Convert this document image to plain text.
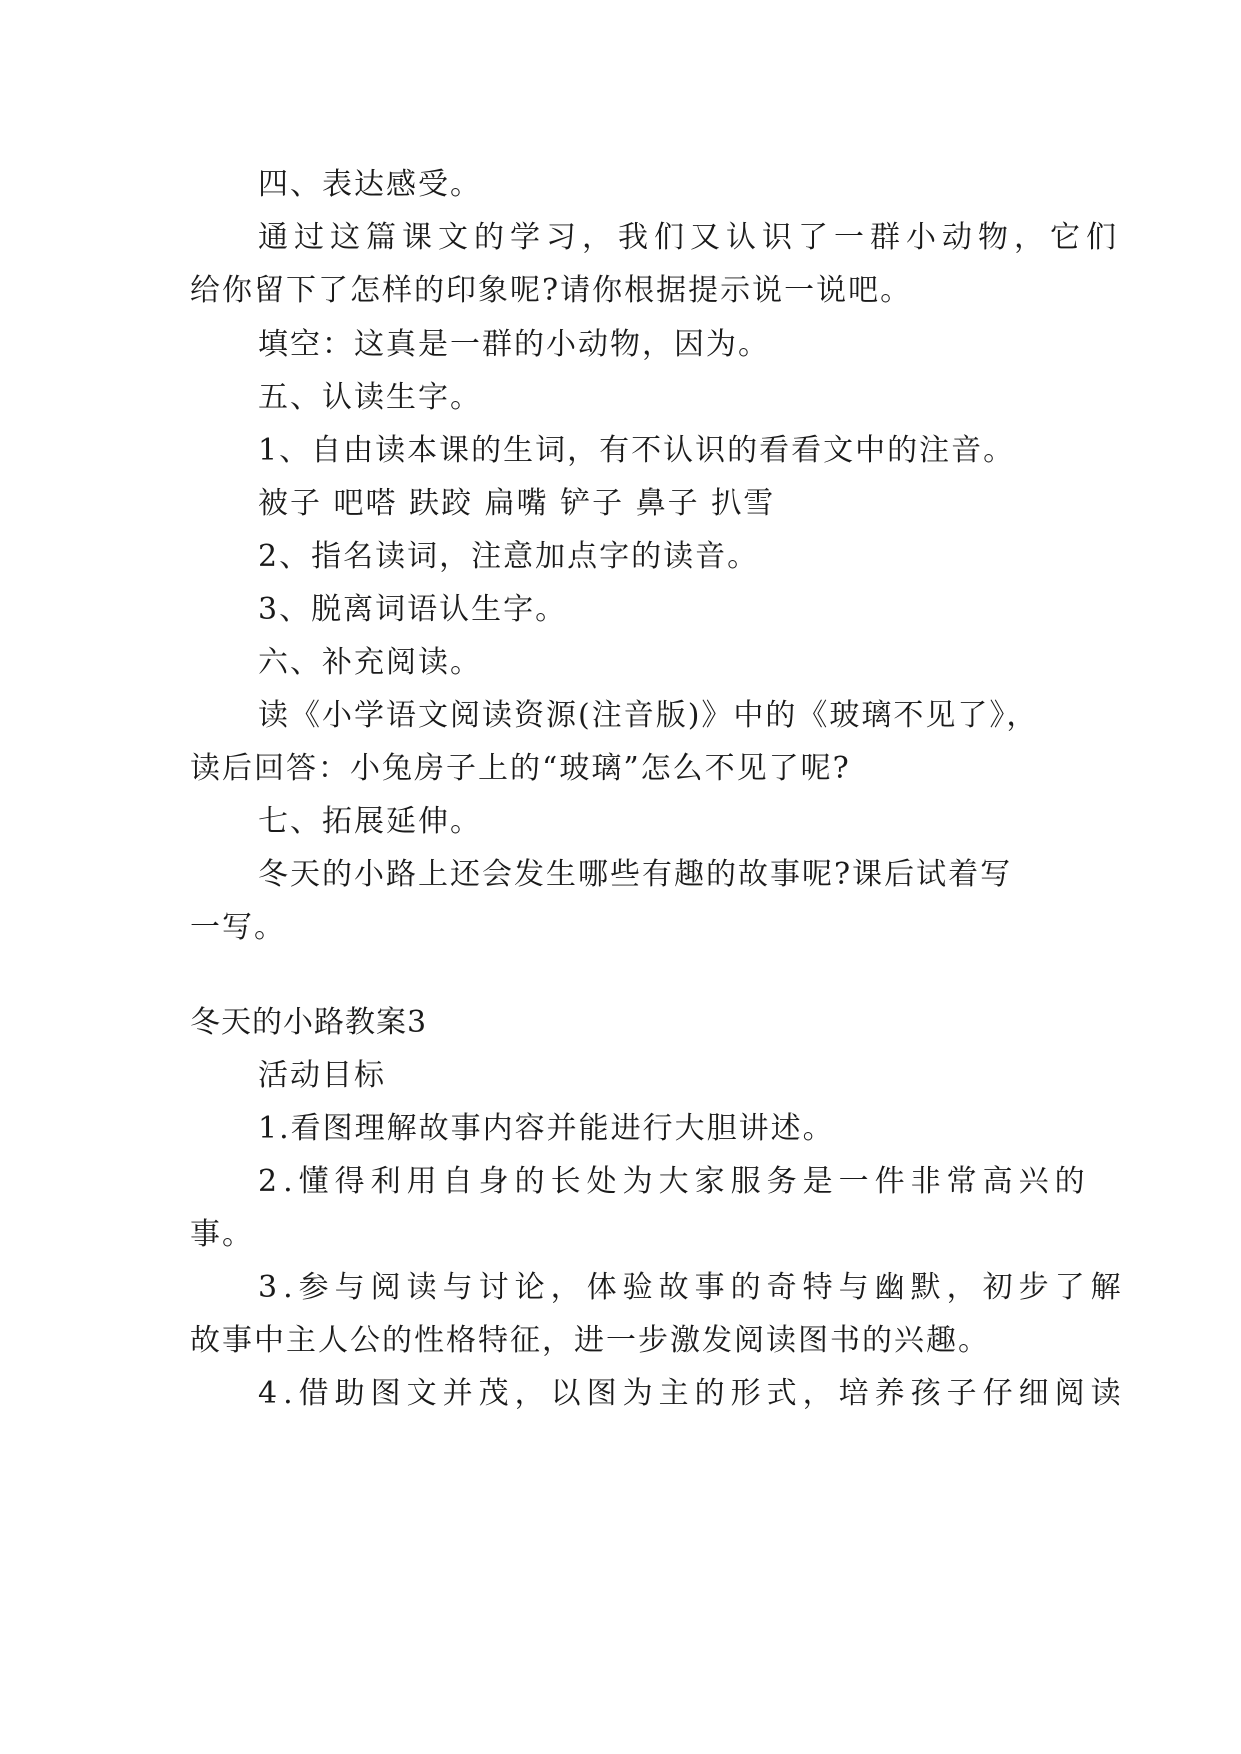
四、表达感受。

通过这篇课文的学习，我们又认识了一群小动物，它们

给你留下了怎样的印象呢?请你根据提示说一说吧。

填空：这真是一群的小动物，因为。

五、认读生字。

1、自由读本课的生词，有不认识的看看文中的注音。

被子 吧嗒 趺跤 扁嘴 铲子 鼻子 扒雪

2、指名读词，注意加点字的读音。

3、脱离词语认生字。

六、补充阅读。

读《小学语文阅读资源(注音版)》中的《玻璃不见了》，

读后回答：小兔房子上的“玻璃”怎么不见了呢?

七、拓展延伸。

冬天的小路上还会发生哪些有趣的故事呢?课后试着写

一写。

冬天的小路教案3

活动目标

1.看图理解故事内容并能进行大胆讲述。

2.懂得利用自身的长处为大家服务是一件非常高兴的

事。

3.参与阅读与讨论，体验故事的奇特与幽默，初步了解

故事中主人公的性格特征，进一步激发阅读图书的兴趣。

4.借助图文并茂，以图为主的形式，培养孩子仔细阅读
